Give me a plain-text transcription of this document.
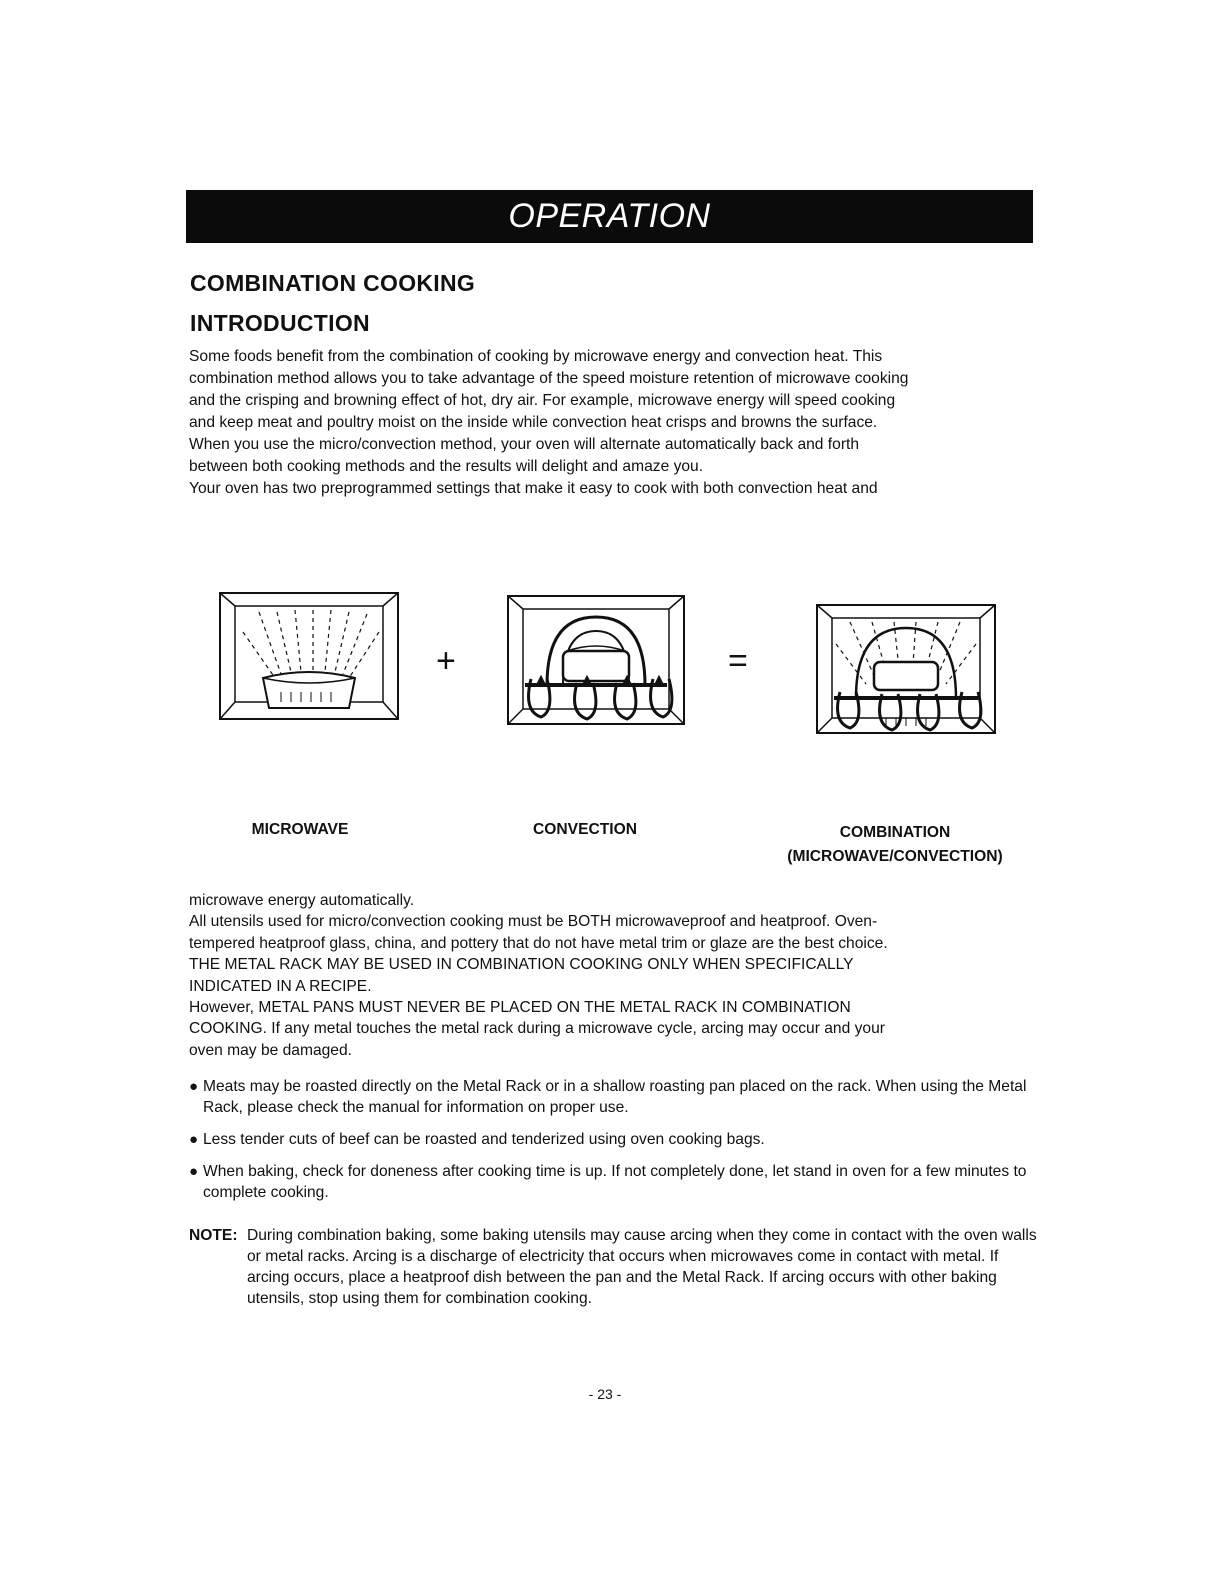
OPERATION
COMBINATION COOKING
INTRODUCTION
Some foods benefit from the combination of cooking by microwave energy and convection heat. This
combination method allows you to take advantage of the speed moisture retention of microwave cooking
and the crisping and browning effect of hot, dry air. For example, microwave energy will speed cooking
and keep meat and poultry moist on the inside while convection heat crisps and browns the surface.
When you use the micro/convection method, your oven will alternate automatically back and forth
between both cooking methods and the results will delight and amaze you.
Your oven has two preprogrammed settings that make it easy to cook with both convection heat and
+	=
MICROWAVE	CONVECTION	COMBINATION
(MICROWAVE/CONVECTION)
microwave energy automatically.
All utensils used for micro/convection cooking must be BOTH microwaveproof and heatproof. Oven-
tempered heatproof glass, china, and pottery that do not have metal trim or glaze are the best choice.
THE METAL RACK MAY BE USED IN COMBINATION COOKING ONLY WHEN SPECIFICALLY
INDICATED IN A RECIPE.
However, METAL PANS MUST NEVER BE PLACED ON THE METAL RACK IN COMBINATION
COOKING. If any metal touches the metal rack during a microwave cycle, arcing may occur and your
oven may be damaged.
● Meats may be roasted directly on the Metal Rack or in a shallow roasting pan placed on the rack. When using the Metal Rack, please check the manual for information on proper use.
● Less tender cuts of beef can be roasted and tenderized using oven cooking bags.
● When baking, check for doneness after cooking time is up. If not completely done, let stand in oven for a few minutes to complete cooking.
NOTE: During combination baking, some baking utensils may cause arcing when they come in contact with the oven walls or metal racks. Arcing is a discharge of electricity that occurs when microwaves come in contact with metal. If arcing occurs, place a heatproof dish between the pan and the Metal Rack. If arcing occurs with other baking utensils, stop using them for combination cooking.
- 23 -
